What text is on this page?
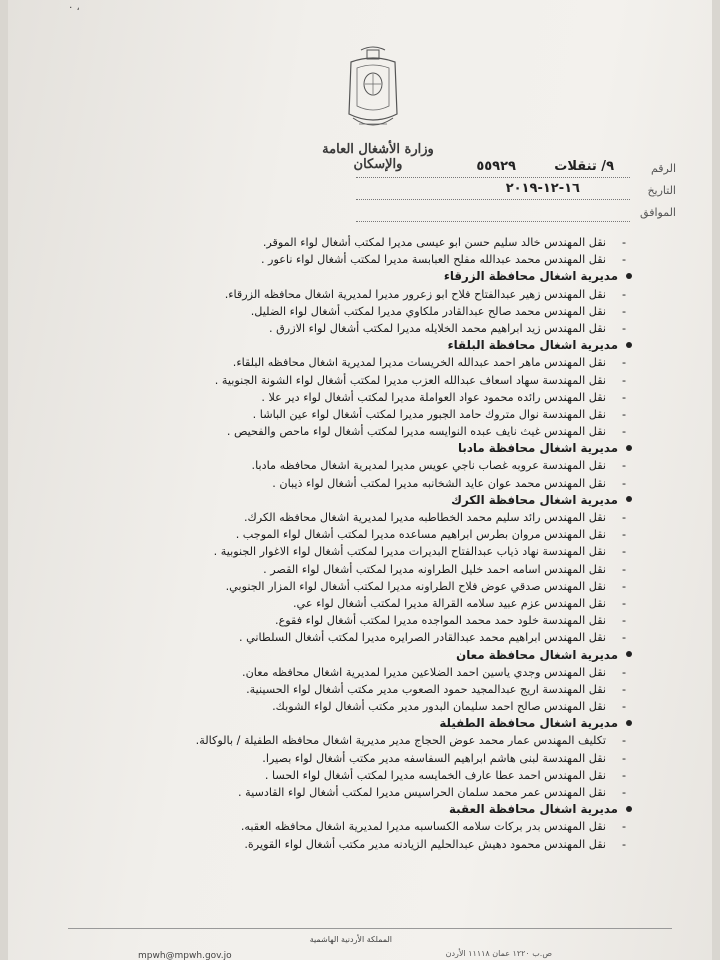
٠ ،
وزارة الأشغال العامة والإسكان	الرقم
٩/ تنقلات
٥٥٩٢٩
التاريخ
١٦-١٢-٢٠١٩
الموافق
-
نقل المهندس خالد سليم حسن ابو عيسى مديرا لمكتب أشغال لواء الموقر.
-
نقل المهندس محمد عبدالله مفلح العبابسة مديرا لمكتب أشغال لواء ناعور .
مديرية اشغال محافظة الزرقاء
-
نقل المهندس زهير عبدالفتاح فلاح ابو زعرور مديرا لمديرية اشغال محافظه الزرقاء.
-
نقل المهندس محمد صالح عبدالقادر ملكاوي مديرا لمكتب أشغال لواء الضليل.
-
نقل المهندس زيد ابراهيم محمد الخلايله مديرا لمكتب أشغال لواء الازرق .
مديرية اشغال محافظة البلقاء
-
نقل المهندس ماهر احمد عبدالله الخريسات مديرا لمديرية اشغال محافظه البلقاء.
-
نقل المهندسة سهاد اسعاف عبدالله العزب مديرا لمكتب أشغال لواء الشونة الجنوبية .
-
نقل المهندس رائده محمود عواد العواملة مديرا لمكتب أشغال لواء دير علا .
-
نقل المهندسة نوال متروك حامد الجبور مديرا لمكتب أشغال لواء عين الباشا .
-
نقل المهندس غيث نايف عبده النوايسه مديرا لمكتب أشغال لواء ماحص والفحيص .
مديرية اشغال محافظة مادبا
-
نقل المهندسة عروبه غصاب ناجي عويس مديرا لمديرية اشغال محافظه مادبا.
-
نقل المهندس محمد عوان عايد الشخانبه مديرا لمكتب أشغال لواء ذيبان .
مديرية اشغال محافظة الكرك
-
نقل المهندس رائد سليم محمد الخطاطبه مديرا لمديرية اشغال محافظه الكرك.
-
نقل المهندس مروان بطرس ابراهيم مساعده مديرا لمكتب أشغال لواء الموجب .
-
نقل المهندسة نهاد ذياب عبدالفتاح البديرات مديرا لمكتب أشغال لواء الاغوار الجنوبية .
-
نقل المهندس اسامه احمد خليل الطراونه مديرا لمكتب أشغال لواء القصر .
-
نقل المهندس صدقي عوض فلاح الطراونه مديرا لمكتب أشغال لواء المزار الجنوبي.
-
نقل المهندس عزم عبيد سلامه القرالة مديرا لمكتب أشغال لواء عي.
-
نقل المهندسة خلود حمد محمد المواجده مديرا لمكتب أشغال لواء فقوع.
-
نقل المهندس ابراهيم محمد عبدالقادر الصرايره مديرا لمكتب أشغال السلطاني .
مديرية اشغال محافظة معان
-
نقل المهندس وجدي ياسين احمد الضلاعين مديرا لمديرية اشغال محافظه معان.
-
نقل المهندسة اريج عبدالمجيد حمود الصعوب مدير مكتب أشغال لواء الحسينية.
-
نقل المهندس صالح احمد سليمان البدور مدير مكتب أشغال لواء الشوبك.
مديرية اشغال محافظة الطفيلة
-
تكليف المهندس عمار محمد عوض الحجاج مدير مديرية اشغال محافظه الطفيلة / بالوكالة.
-
نقل المهندسة لبنى هاشم ابراهيم السفاسفه مدير مكتب أشغال لواء بصيرا.
-
نقل المهندس احمد عطا عارف الخمايسه مديرا لمكتب أشغال لواء الحسا .
-
نقل المهندس عمر محمد سلمان الحراسيس مديرا لمكتب أشغال لواء القادسية .
مديرية اشغال محافظة العقبة
-
نقل المهندس بدر بركات سلامه الكساسبه مديرا لمديرية اشغال محافظه العقبه.
-
نقل المهندس محمود دهيش عبدالحليم الزيادنه مدير مكتب أشغال لواء القويرة.
المملكة الأردنية الهاشمية
ص.ب ١٢٢٠ عمان ١١١١٨ الأردن
mpwh@mpwh.gov.jo
